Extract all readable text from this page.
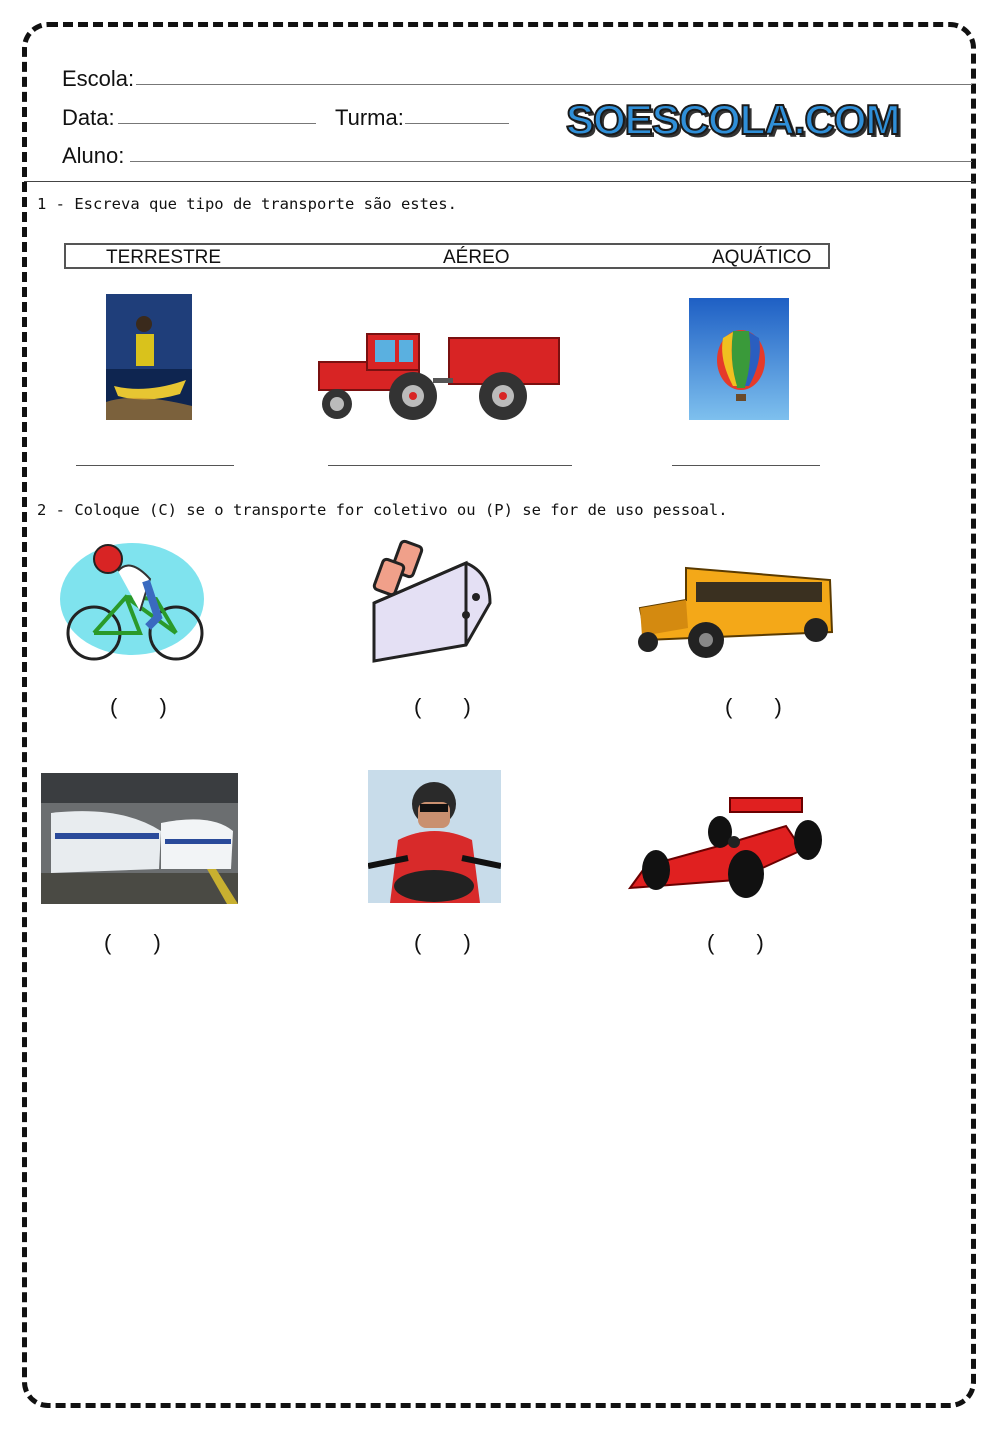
Escola:
Data:	Turma:	SOESCOLA.COM
Aluno:
1 - Escreva que tipo de transporte são estes.
TERRESTRE	AÉREO	AQUÁTICO
2 - Coloque (C) se o transporte for coletivo ou (P) se for de uso pessoal.
( )	( )	( )
( )	( )	( )
